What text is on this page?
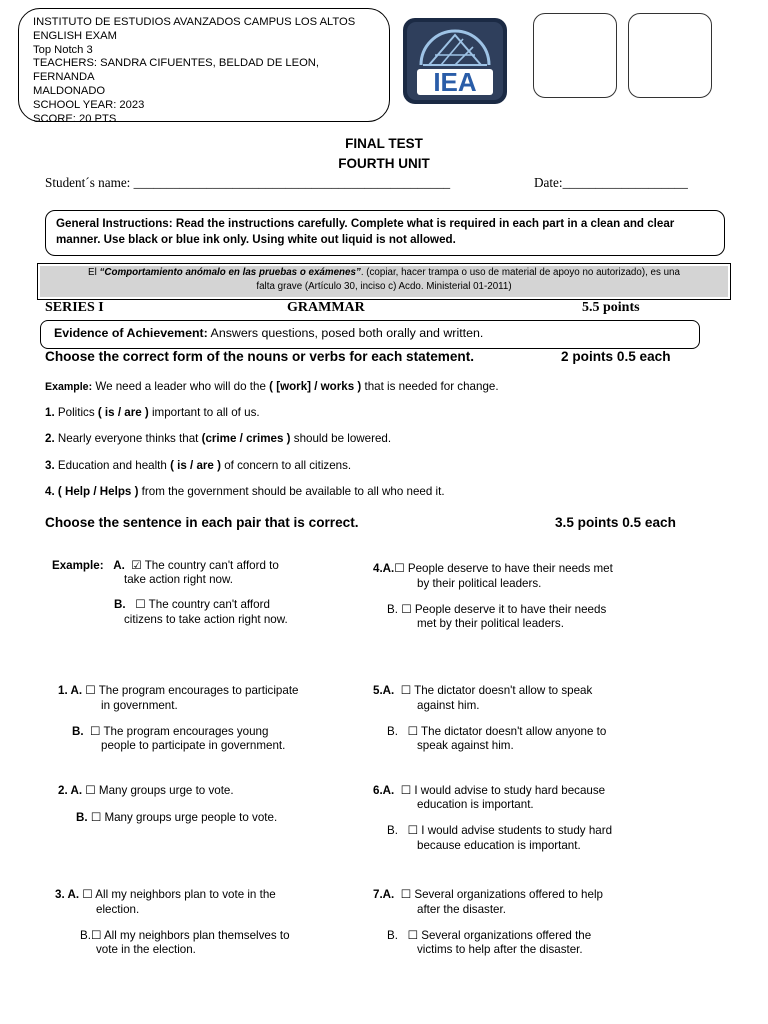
INSTITUTO DE ESTUDIOS AVANZADOS CAMPUS LOS ALTOS
ENGLISH EXAM
Top Notch 3
TEACHERS: SANDRA CIFUENTES, BELDAD DE LEON, FERNANDA
MALDONADO
SCHOOL YEAR: 2023
SCORE: 20 PTS
IEA
FINAL TEST
FOURTH UNIT
Student´s name: ________________________________________________	Date:___________________
General Instructions: Read the instructions carefully. Complete what is required in each part in a clean and clear
manner. Use black or blue ink only. Using white out liquid is not allowed.
El “Comportamiento anómalo en las pruebas o exámenes”. (copiar, hacer trampa o uso de material de apoyo no autorizado), es una
falta grave (Artículo 30, inciso c) Acdo. Ministerial 01-2011)
SERIES I	GRAMMAR	5.5 points
Evidence of Achievement: Answers questions, posed both orally and written.
Choose the correct form of the nouns or verbs for each statement.	2 points 0.5 each
Example: We need a leader who will do the ( [work] / works ) that is needed for change.
1. Politics ( is / are ) important to all of us.
2. Nearly everyone thinks that (crime / crimes ) should be lowered.
3. Education and health ( is / are ) of concern to all citizens.
4. ( Help / Helps ) from the government should be available to all who need it.
Choose the sentence in each pair that is correct.	3.5 points 0.5 each
Example: A. ☑ The country can't afford to
take action right now.
B. ☐ The country can't afford
citizens to take action right now.
1. A. ☐ The program encourages to participate
in government.
B. ☐ The program encourages young
people to participate in government.
2. A. ☐ Many groups urge to vote.
B. ☐ Many groups urge people to vote.
3. A. ☐ All my neighbors plan to vote in the
election.
B.☐ All my neighbors plan themselves to
vote in the election.
4.A.☐ People deserve to have their needs met
by their political leaders.
B. ☐ People deserve it to have their needs
met by their political leaders.
5.A. ☐ The dictator doesn't allow to speak
against him.
B. ☐ The dictator doesn't allow anyone to
speak against him.
6.A. ☐ I would advise to study hard because
education is important.
B. ☐ I would advise students to study hard
because education is important.
7.A. ☐ Several organizations offered to help
after the disaster.
B. ☐ Several organizations offered the
victims to help after the disaster.
